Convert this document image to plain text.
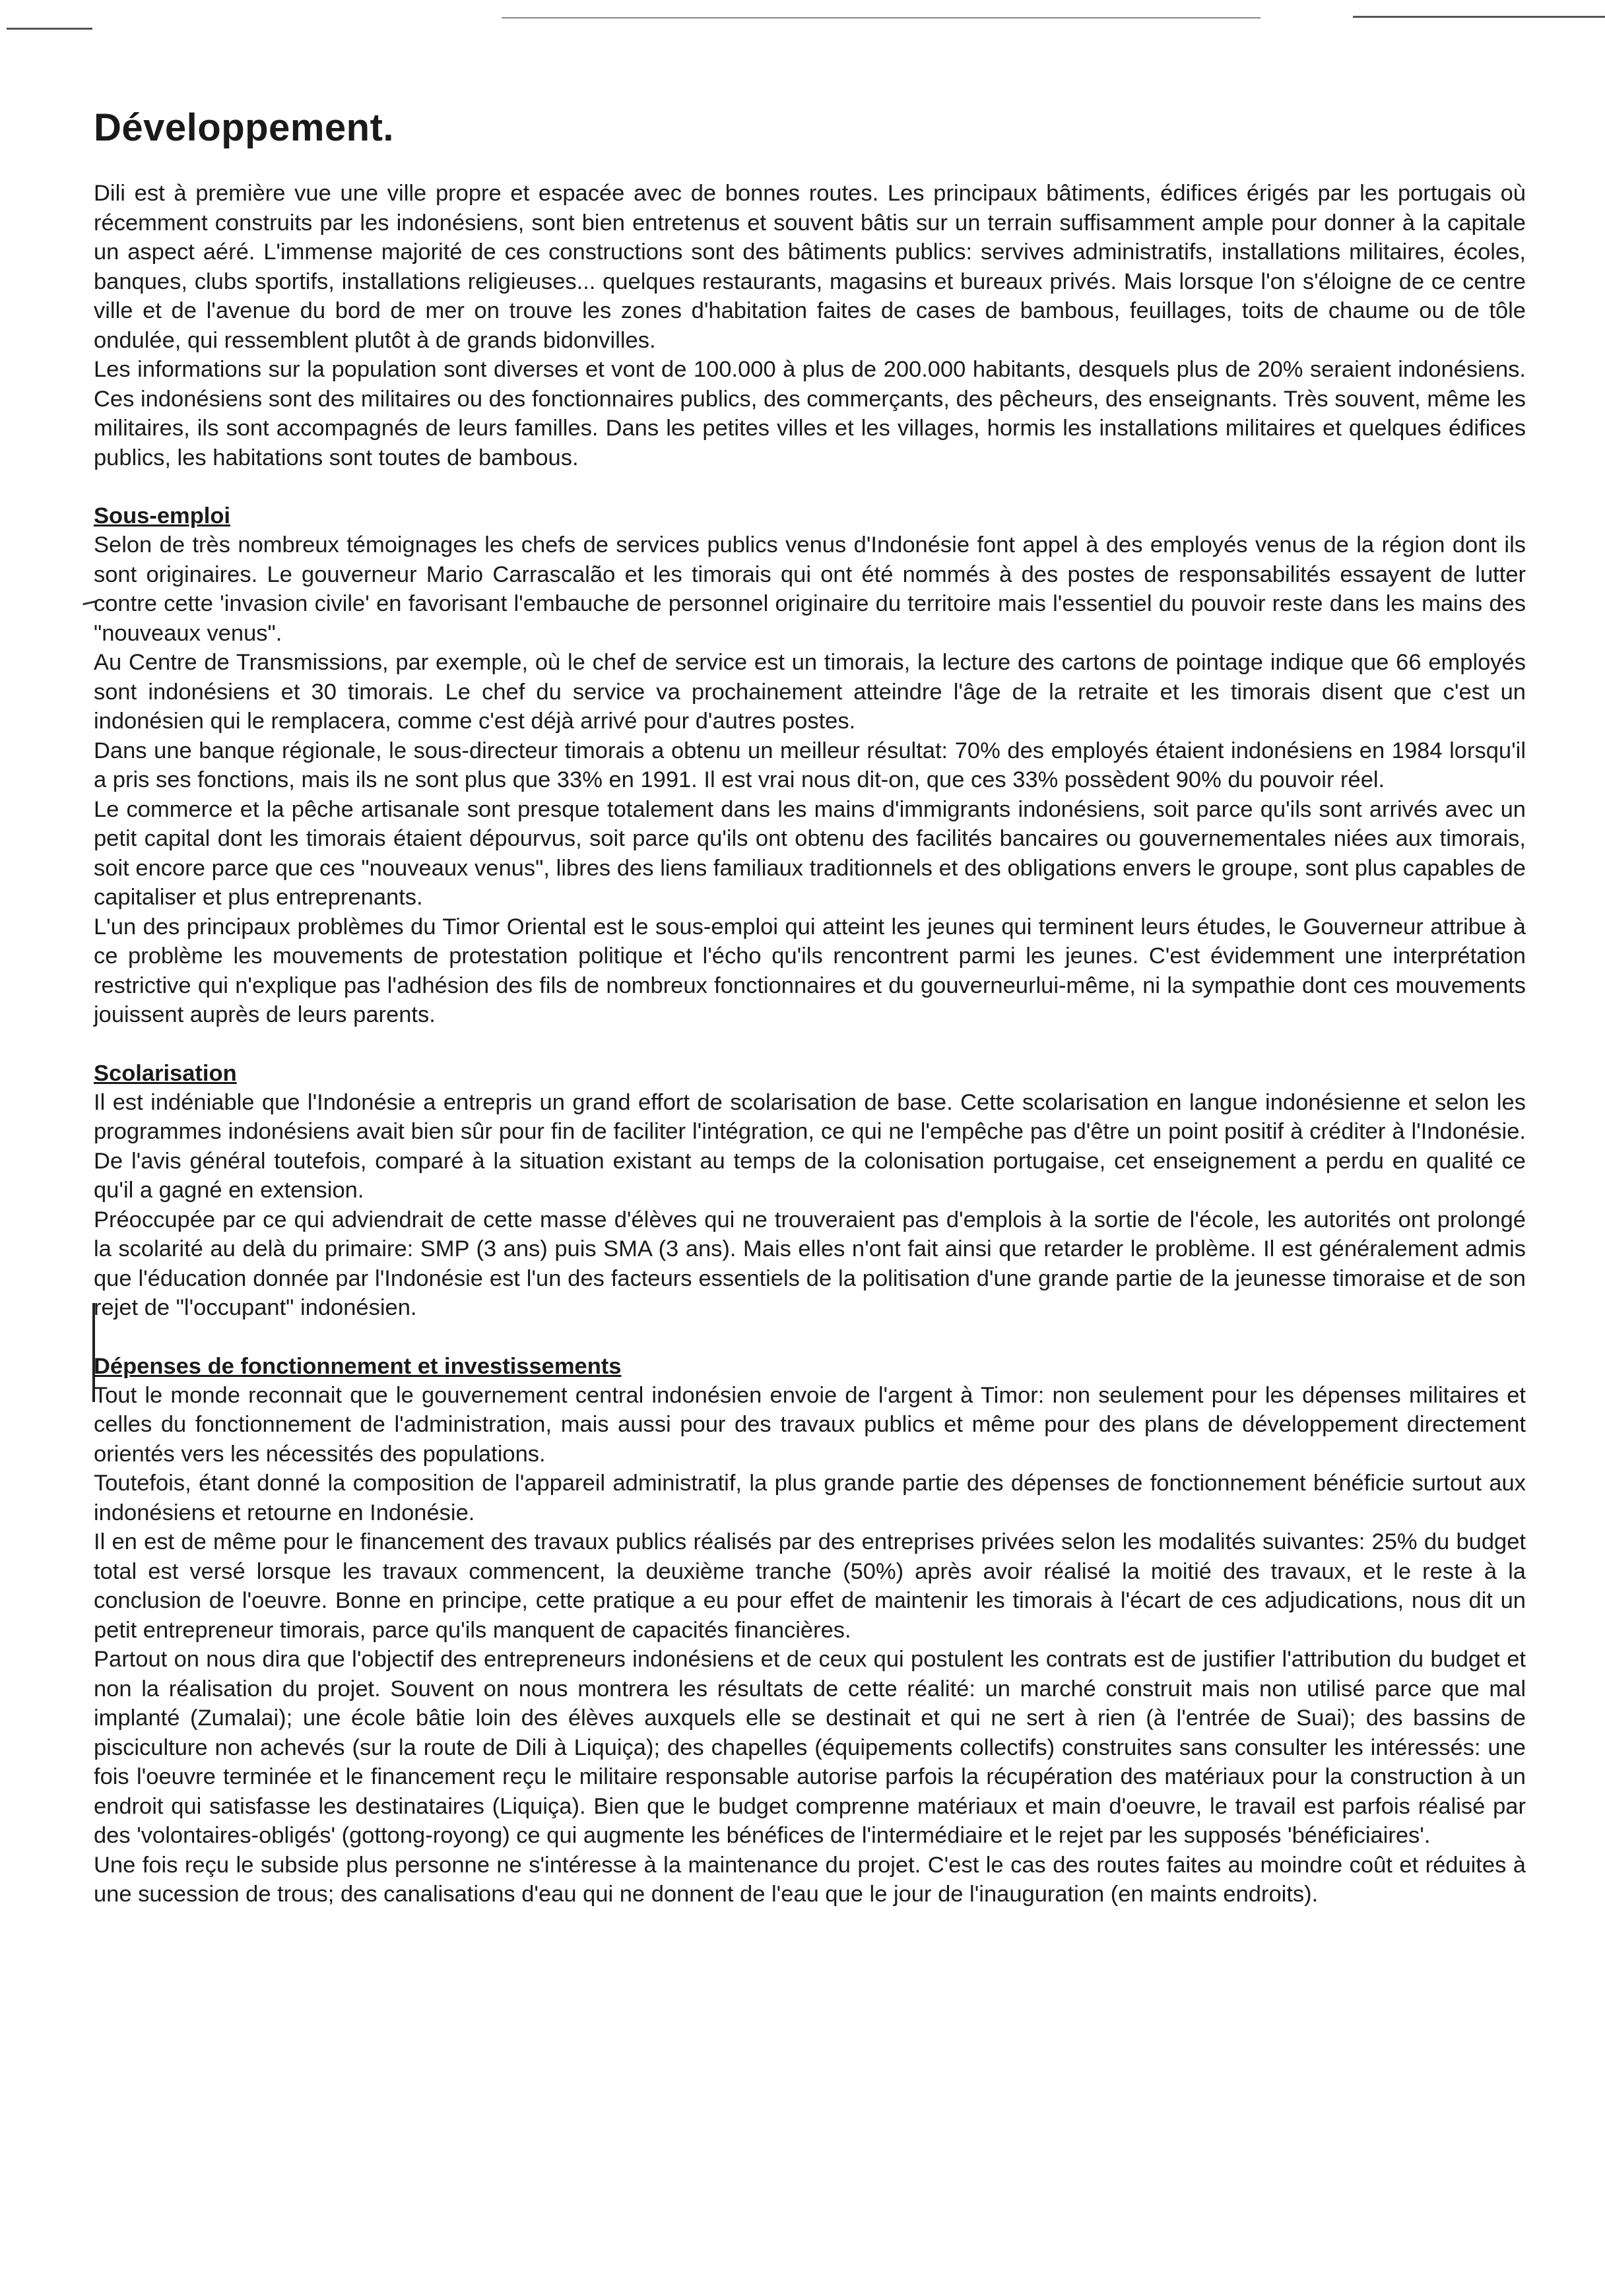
Développement.

Dili est à première vue une ville propre et espacée avec de bonnes routes. Les principaux bâtiments, édifices érigés par les portugais où récemment construits par les indonésiens, sont bien entretenus et souvent bâtis sur un terrain suffisamment ample pour donner à la capitale un aspect aéré. L'immense majorité de ces constructions sont des bâtiments publics: servives administratifs, installations militaires, écoles, banques, clubs sportifs, installations religieuses... quelques restaurants, magasins et bureaux privés. Mais lorsque l'on s'éloigne de ce centre ville et de l'avenue du bord de mer on trouve les zones d'habitation faites de cases de bambous, feuillages, toits de chaume ou de tôle ondulée, qui ressemblent plutôt à de grands bidonvilles.

Les informations sur la population sont diverses et vont de 100.000 à plus de 200.000 habitants, desquels plus de 20% seraient indonésiens. Ces indonésiens sont des militaires ou des fonctionnaires publics, des commerçants, des pêcheurs, des enseignants. Très souvent, même les militaires, ils sont accompagnés de leurs familles. Dans les petites villes et les villages, hormis les installations militaires et quelques édifices publics, les habitations sont toutes de bambous.

Sous-emploi

Selon de très nombreux témoignages les chefs de services publics venus d'Indonésie font appel à des employés venus de la région dont ils sont originaires. Le gouverneur Mario Carrascalão et les timorais qui ont été nommés à des postes de responsabilités essayent de lutter contre cette 'invasion civile' en favorisant l'embauche de personnel originaire du territoire mais l'essentiel du pouvoir reste dans les mains des "nouveaux venus".

Au Centre de Transmissions, par exemple, où le chef de service est un timorais, la lecture des cartons de pointage indique que 66 employés sont indonésiens et 30 timorais. Le chef du service va prochainement atteindre l'âge de la retraite et les timorais disent que c'est un indonésien qui le remplacera, comme c'est déjà arrivé pour d'autres postes.

Dans une banque régionale, le sous-directeur timorais a obtenu un meilleur résultat: 70% des employés étaient indonésiens en 1984 lorsqu'il a pris ses fonctions, mais ils ne sont plus que 33% en 1991. Il est vrai nous dit-on, que ces 33% possèdent 90% du pouvoir réel.

Le commerce et la pêche artisanale sont presque totalement dans les mains d'immigrants indonésiens, soit parce qu'ils sont arrivés avec un petit capital dont les timorais étaient dépourvus, soit parce qu'ils ont obtenu des facilités bancaires ou gouvernementales niées aux timorais, soit encore parce que ces "nouveaux venus", libres des liens familiaux traditionnels et des obligations envers le groupe, sont plus capables de capitaliser et plus entreprenants.

L'un des principaux problèmes du Timor Oriental est le sous-emploi qui atteint les jeunes qui terminent leurs études, le Gouverneur attribue à ce problème les mouvements de protestation politique et l'écho qu'ils rencontrent parmi les jeunes. C'est évidemment une interprétation restrictive qui n'explique pas l'adhésion des fils de nombreux fonctionnaires et du gouverneurlui-même, ni la sympathie dont ces mouvements jouissent auprès de leurs parents.

Scolarisation

Il est indéniable que l'Indonésie a entrepris un grand effort de scolarisation de base. Cette scolarisation en langue indonésienne et selon les programmes indonésiens avait bien sûr pour fin de faciliter l'intégration, ce qui ne l'empêche pas d'être un point positif à créditer à l'Indonésie. De l'avis général toutefois, comparé à la situation existant au temps de la colonisation portugaise, cet enseignement a perdu en qualité ce qu'il a gagné en extension.

Préoccupée par ce qui adviendrait de cette masse d'élèves qui ne trouveraient pas d'emplois à la sortie de l'école, les autorités ont prolongé la scolarité au delà du primaire: SMP (3 ans) puis SMA (3 ans). Mais elles n'ont fait ainsi que retarder le problème. Il est généralement admis que l'éducation donnée par l'Indonésie est l'un des facteurs essentiels de la politisation d'une grande partie de la jeunesse timoraise et de son rejet de "l'occupant" indonésien.

Dépenses de fonctionnement et investissements

Tout le monde reconnait que le gouvernement central indonésien envoie de l'argent à Timor: non seulement pour les dépenses militaires et celles du fonctionnement de l'administration, mais aussi pour des travaux publics et même pour des plans de développement directement orientés vers les nécessités des populations.

Toutefois, étant donné la composition de l'appareil administratif, la plus grande partie des dépenses de fonctionnement bénéficie surtout aux indonésiens et retourne en Indonésie.

Il en est de même pour le financement des travaux publics réalisés par des entreprises privées selon les modalités suivantes: 25% du budget total est versé lorsque les travaux commencent, la deuxième tranche (50%) après avoir réalisé la moitié des travaux, et le reste à la conclusion de l'oeuvre. Bonne en principe, cette pratique a eu pour effet de maintenir les timorais à l'écart de ces adjudications, nous dit un petit entrepreneur timorais, parce qu'ils manquent de capacités financières.

Partout on nous dira que l'objectif des entrepreneurs indonésiens et de ceux qui postulent les contrats est de justifier l'attribution du budget et non la réalisation du projet. Souvent on nous montrera les résultats de cette réalité: un marché construit mais non utilisé parce que mal implanté (Zumalai); une école bâtie loin des élèves auxquels elle se destinait et qui ne sert à rien (à l'entrée de Suai); des bassins de pisciculture non achevés (sur la route de Dili à Liquiça); des chapelles (équipements collectifs) construites sans consulter les intéressés: une fois l'oeuvre terminée et le financement reçu le militaire responsable autorise parfois la récupération des matériaux pour la construction à un endroit qui satisfasse les destinataires (Liquiça). Bien que le budget comprenne matériaux et main d'oeuvre, le travail est parfois réalisé par des 'volontaires-obligés' (gottong-royong) ce qui augmente les bénéfices de l'intermédiaire et le rejet par les supposés 'bénéficiaires'.

Une fois reçu le subside plus personne ne s'intéresse à la maintenance du projet. C'est le cas des routes faites au moindre coût et réduites à une sucession de trous; des canalisations d'eau qui ne donnent de l'eau que le jour de l'inauguration (en maints endroits).
